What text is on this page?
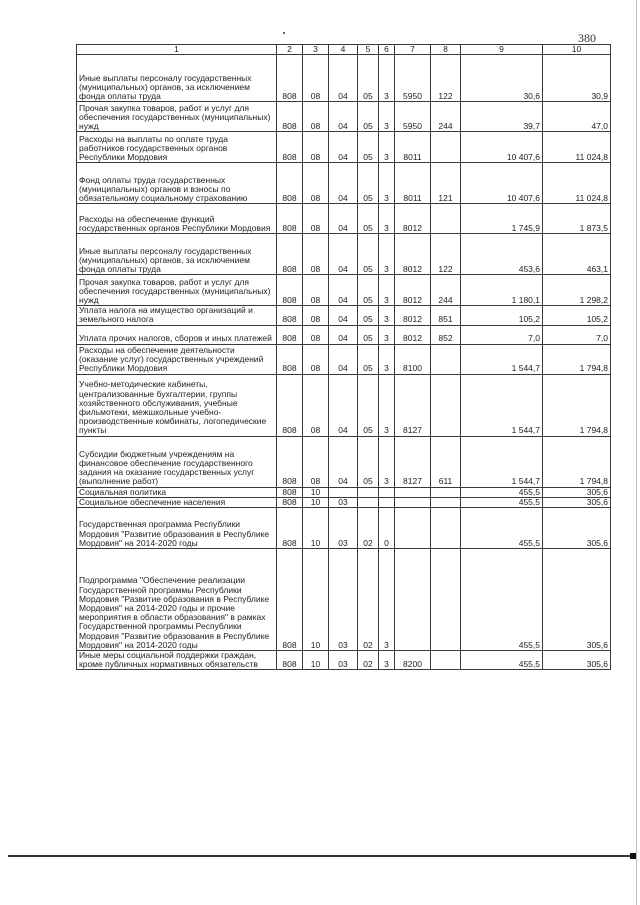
380
1	2	3	4	5	6	7	8	9	10
Иные выплаты персоналу государственных (муниципальных) органов, за исключением фонда оплаты труда	808	08	04	05	3	5950	122	30,6	30,9
Прочая закупка товаров, работ и услуг для обеспечения государственных (муниципальных) нужд	808	08	04	05	3	5950	244	39,7	47,0
Расходы на выплаты по оплате труда работников государственных органов Республики Мордовия	808	08	04	05	3	8011		10 407,6	11 024,8
Фонд оплаты труда государственных (муниципальных) органов и взносы по обязательному социальному страхованию	808	08	04	05	3	8011	121	10 407,6	11 024,8
Расходы на обеспечение функций государственных органов Республики Мордовия	808	08	04	05	3	8012		1 745,9	1 873,5
Иные выплаты персоналу государственных (муниципальных) органов, за исключением фонда оплаты труда	808	08	04	05	3	8012	122	453,6	463,1
Прочая закупка товаров, работ и услуг для обеспечения государственных (муниципальных) нужд	808	08	04	05	3	8012	244	1 180,1	1 298,2
Уплата налога на имущество организаций и земельного налога	808	08	04	05	3	8012	851	105,2	105,2
Уплата прочих налогов, сборов и иных платежей	808	08	04	05	3	8012	852	7,0	7,0
Расходы на обеспечение деятельности (оказание услуг) государственных учреждений Республики Мордовия	808	08	04	05	3	8100		1 544,7	1 794,8
Учебно-методические кабинеты, централизованные бухгалтерии, группы хозяйственного обслуживания, учебные фильмотеки, межшкольные учебно-производственные комбинаты, логопедические пункты	808	08	04	05	3	8127		1 544,7	1 794,8
Субсидии бюджетным учреждениям на финансовое обеспечение государственного задания на оказание государственных услуг (выполнение работ)	808	08	04	05	3	8127	611	1 544,7	1 794,8
Социальная политика	808	10						455,5	305,6
Социальное обеспечение населения	808	10	03					455,5	305,6
Государственная программа Республики Мордовия "Развитие образования в Республике Мордовия" на 2014-2020 годы	808	10	03	02	0			455,5	305,6
Подпрограмма "Обеспечение реализации Государственной программы Республики Мордовия "Развитие образования в Республике Мордовия" на 2014-2020 годы и прочие мероприятия в области образования" в рамках Государственной программы Республики Мордовия "Развитие образования в Республике Мордовия" на 2014-2020 годы	808	10	03	02	3			455,5	305,6
Иные меры социальной поддержки граждан, кроме публичных нормативных обязательств	808	10	03	02	3	8200		455,5	305,6
